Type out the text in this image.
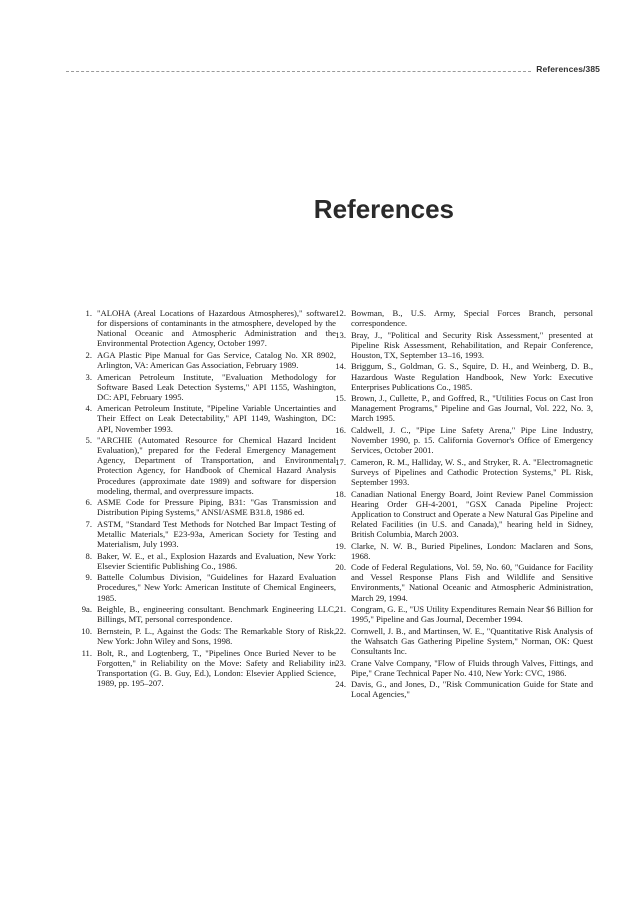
References/385
References
1. "ALOHA (Areal Locations of Hazardous Atmospheres)," software for dispersions of contaminants in the atmosphere, developed by the National Oceanic and Atmospheric Administration and the Environmental Protection Agency, October 1997.
2. AGA Plastic Pipe Manual for Gas Service, Catalog No. XR 8902, Arlington, VA: American Gas Association, February 1989.
3. American Petroleum Institute, "Evaluation Methodology for Software Based Leak Detection Systems," API 1155, Washington, DC: API, February 1995.
4. American Petroleum Institute, "Pipeline Variable Uncertainties and Their Effect on Leak Detectability," API 1149, Washington, DC: API, November 1993.
5. "ARCHIE (Automated Resource for Chemical Hazard Incident Evaluation)," prepared for the Federal Emergency Management Agency, Department of Transportation, and Environmental Protection Agency, for Handbook of Chemical Hazard Analysis Procedures (approximate date 1989) and software for dispersion modeling, thermal, and overpressure impacts.
6. ASME Code for Pressure Piping, B31: "Gas Transmission and Distribution Piping Systems," ANSI/ASME B31.8, 1986 ed.
7. ASTM, "Standard Test Methods for Notched Bar Impact Testing of Metallic Materials," E23-93a, American Society for Testing and Materialism, July 1993.
8. Baker, W. E., et al., Explosion Hazards and Evaluation, New York: Elsevier Scientific Publishing Co., 1986.
9. Battelle Columbus Division, "Guidelines for Hazard Evaluation Procedures," New York: American Institute of Chemical Engineers, 1985.
9a. Beighle, B., engineering consultant. Benchmark Engineering LLC, Billings, MT, personal correspondence.
10. Bernstein, P. L., Against the Gods: The Remarkable Story of Risk, New York: John Wiley and Sons, 1998.
11. Bolt, R., and Logtenberg, T., "Pipelines Once Buried Never to be Forgotten," in Reliability on the Move: Safety and Reliability in Transportation (G. B. Guy, Ed.), London: Elsevier Applied Science, 1989, pp. 195–207.
12. Bowman, B., U.S. Army, Special Forces Branch, personal correspondence.
13. Bray, J., "Political and Security Risk Assessment," presented at Pipeline Risk Assessment, Rehabilitation, and Repair Conference, Houston, TX, September 13–16, 1993.
14. Briggum, S., Goldman, G. S., Squire, D. H., and Weinberg, D. B., Hazardous Waste Regulation Handbook, New York: Executive Enterprises Publications Co., 1985.
15. Brown, J., Cullette, P., and Goffred, R., "Utilities Focus on Cast Iron Management Programs," Pipeline and Gas Journal, Vol. 222, No. 3, March 1995.
16. Caldwell, J. C., "Pipe Line Safety Arena," Pipe Line Industry, November 1990, p. 15. California Governor's Office of Emergency Services, October 2001.
17. Cameron, R. M., Halliday, W. S., and Stryker, R. A. "Electromagnetic Surveys of Pipelines and Cathodic Protection Systems," PL Risk, September 1993.
18. Canadian National Energy Board, Joint Review Panel Commission Hearing Order GH-4-2001, "GSX Canada Pipeline Project: Application to Construct and Operate a New Natural Gas Pipeline and Related Facilities (in U.S. and Canada)," hearing held in Sidney, British Columbia, March 2003.
19. Clarke, N. W. B., Buried Pipelines, London: Maclaren and Sons, 1968.
20. Code of Federal Regulations, Vol. 59, No. 60, "Guidance for Facility and Vessel Response Plans Fish and Wildlife and Sensitive Environments," National Oceanic and Atmospheric Administration, March 29, 1994.
21. Congram, G. E., "US Utility Expenditures Remain Near $6 Billion for 1995," Pipeline and Gas Journal, December 1994.
22. Cornwell, J. B., and Martinsen, W. E., "Quantitative Risk Analysis of the Wahsatch Gas Gathering Pipeline System," Norman, OK: Quest Consultants Inc.
23. Crane Valve Company, "Flow of Fluids through Valves, Fittings, and Pipe," Crane Technical Paper No. 410, New York: CVC, 1986.
24. Davis, G., and Jones, D., "Risk Communication Guide for State and Local Agencies,"
